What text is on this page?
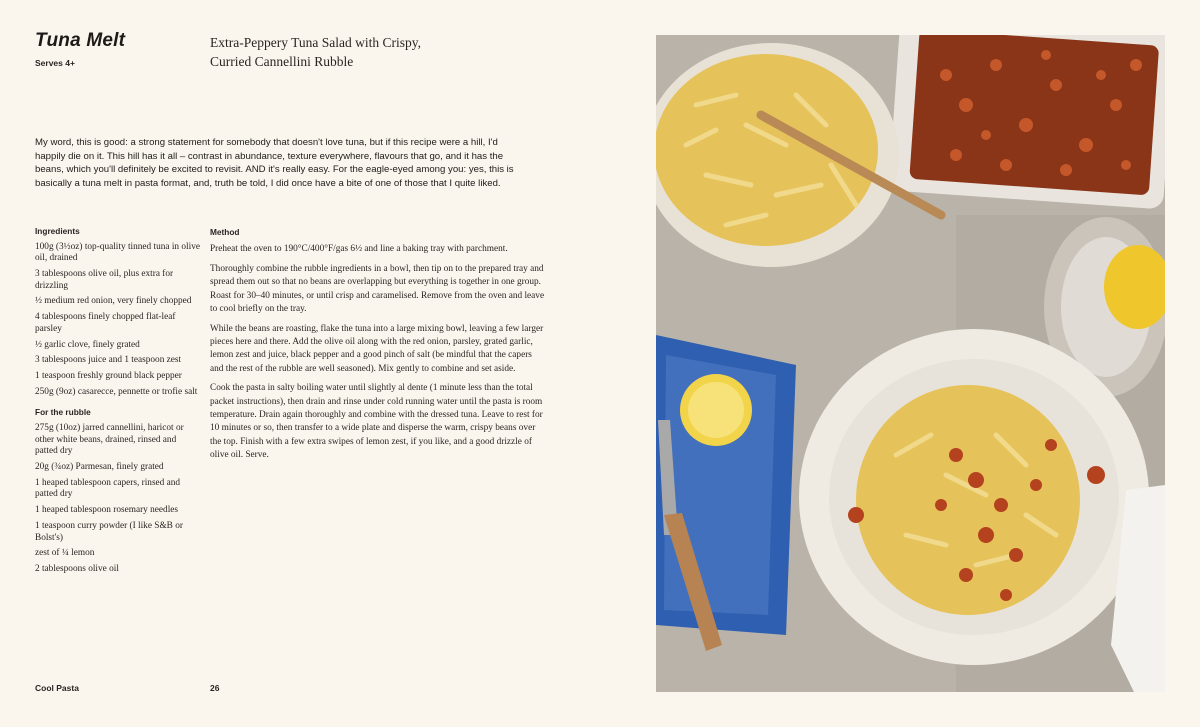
Tuna Melt
Serves 4+
Extra-Peppery Tuna Salad with Crispy,
Curried Cannellini Rubble

My word, this is good: a strong statement for somebody that doesn't love tuna, but if this recipe were a hill, I'd happily die on it. This hill has it all – contrast in abundance, texture everywhere, flavours that go, and it has the beans, which you'll definitely be excited to revisit. AND it's really easy. For the eagle-eyed among you: yes, this is basically a tuna melt in pasta format, and, truth be told, I did once have a bite of one of those that I quite liked.

Ingredients
100g (3½oz) top-quality tinned tuna in olive oil, drained
3 tablespoons olive oil, plus extra for drizzling
½ medium red onion, very finely chopped
4 tablespoons finely chopped flat-leaf parsley
½ garlic clove, finely grated
3 tablespoons juice and 1 teaspoon zest
1 teaspoon freshly ground black pepper
250g (9oz) casarecce, pennette or trofie salt
For the rubble
275g (10oz) jarred cannellini, haricot or other white beans, drained, rinsed and patted dry
20g (¾oz) Parmesan, finely grated
1 heaped tablespoon capers, rinsed and patted dry
1 heaped tablespoon rosemary needles
1 teaspoon curry powder (I like S&B or Bolst's)
zest of ¼ lemon
2 tablespoons olive oil
Method

Preheat the oven to 190°C/400°F/gas 6½ and line a baking tray with parchment.

Thoroughly combine the rubble ingredients in a bowl, then tip on to the prepared tray and spread them out so that no beans are overlapping but everything is together in one group. Roast for 30–40 minutes, or until crisp and caramelised. Remove from the oven and leave to cool briefly on the tray.

While the beans are roasting, flake the tuna into a large mixing bowl, leaving a few larger pieces here and there. Add the olive oil along with the red onion, parsley, grated garlic, lemon zest and juice, black pepper and a good pinch of salt (be mindful that the capers and the rest of the rubble are well seasoned). Mix gently to combine and set aside.

Cook the pasta in salty boiling water until slightly al dente (1 minute less than the total packet instructions), then drain and rinse under cold running water until the pasta is room temperature. Drain again thoroughly and combine with the dressed tuna. Leave to rest for 10 minutes or so, then transfer to a wide plate and disperse the warm, crispy beans over the top. Finish with a few extra swipes of lemon zest, if you like, and a good drizzle of olive oil. Serve.

Cool Pasta	26
